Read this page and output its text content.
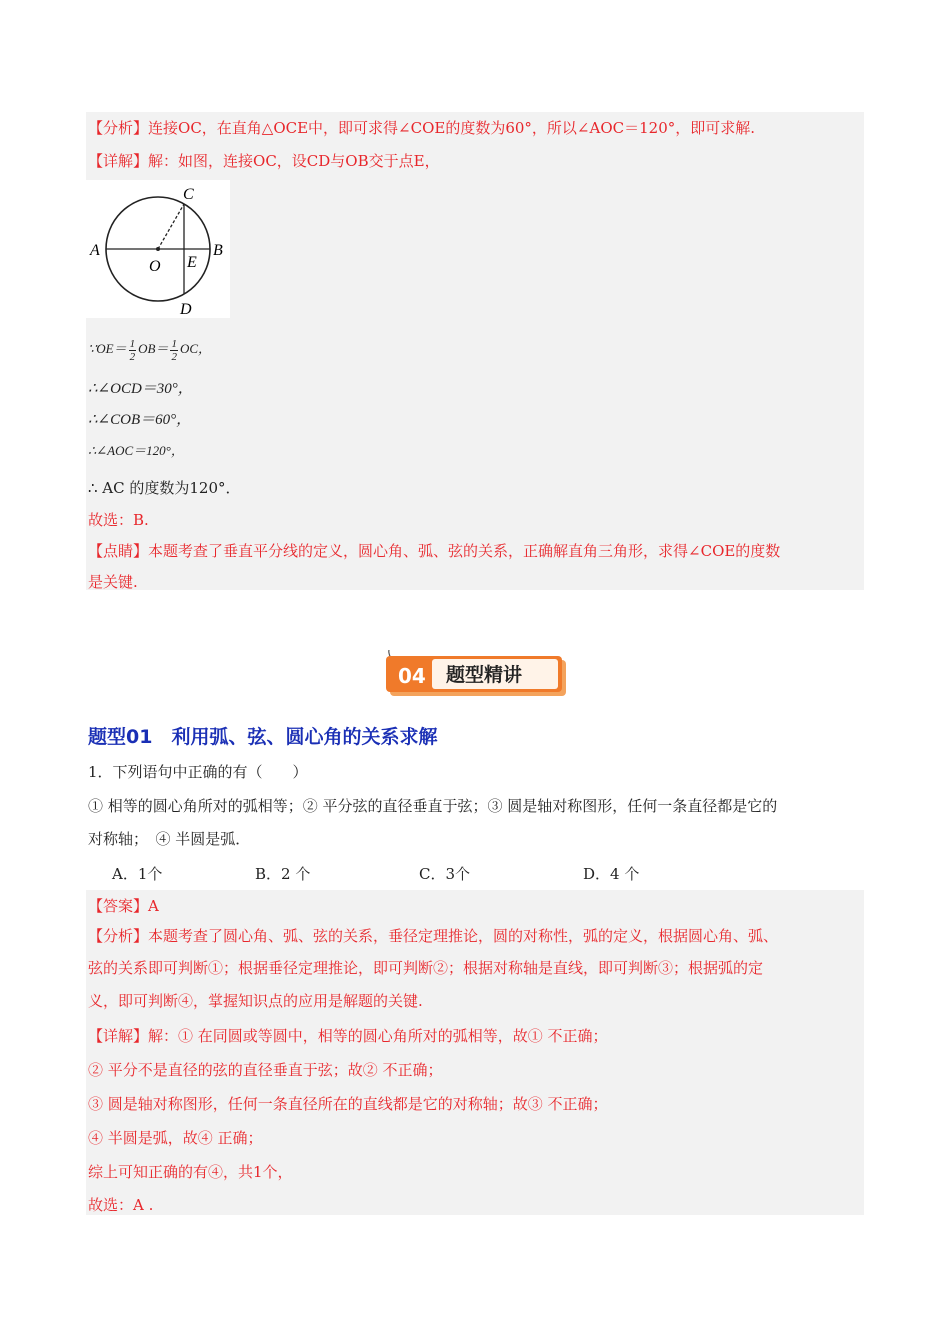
【分析】连接OC，在直角△OCE中，即可求得∠COE的度数为60°，所以∠AOC＝120°，即可求解.
【详解】解：如图，连接OC，设CD与OB交于点E，
A	B
C
D
O E
∵OE＝ $\frac{1}{2} OB= \frac{1}{2}$ OC，
∴∠OCD＝30°，
∴∠COB＝60°，
∴∠AOC＝120°，
∴ AC 的度数为120°．
故选：B.
【点睛】本题考查了垂直平分线的定义，圆心角、弧、弦的关系，正确解直角三角形，求得∠COE的度数
是关键.
04 题型精讲
题型01　利用弧、弦、圆心角的关系求解
1．下列语句中正确的有（　　）
① 相等的圆心角所对的弧相等；② 平分弦的直径垂直于弦；③ 圆是轴对称图形，任何一条直径都是它的
对称轴；　④ 半圆是弧．
A．1个	B．2 个	C．3个	D．4 个
【答案】A
【分析】本题考查了圆心角、弧、弦的关系，垂径定理推论，圆的对称性，弧的定义，根据圆心角、弧、
弦的关系即可判断①；根据垂径定理推论，即可判断②；根据对称轴是直线，即可判断③；根据弧的定
义，即可判断④，掌握知识点的应用是解题的关键.
【详解】解：① 在同圆或等圆中，相等的圆心角所对的弧相等，故① 不正确；
② 平分不是直径的弦的直径垂直于弦；故② 不正确；
③ 圆是轴对称图形，任何一条直径所在的直线都是它的对称轴；故③ 不正确；
④ 半圆是弧，故④ 正确；
综上可知正确的有④，共1个，
故选：A .
